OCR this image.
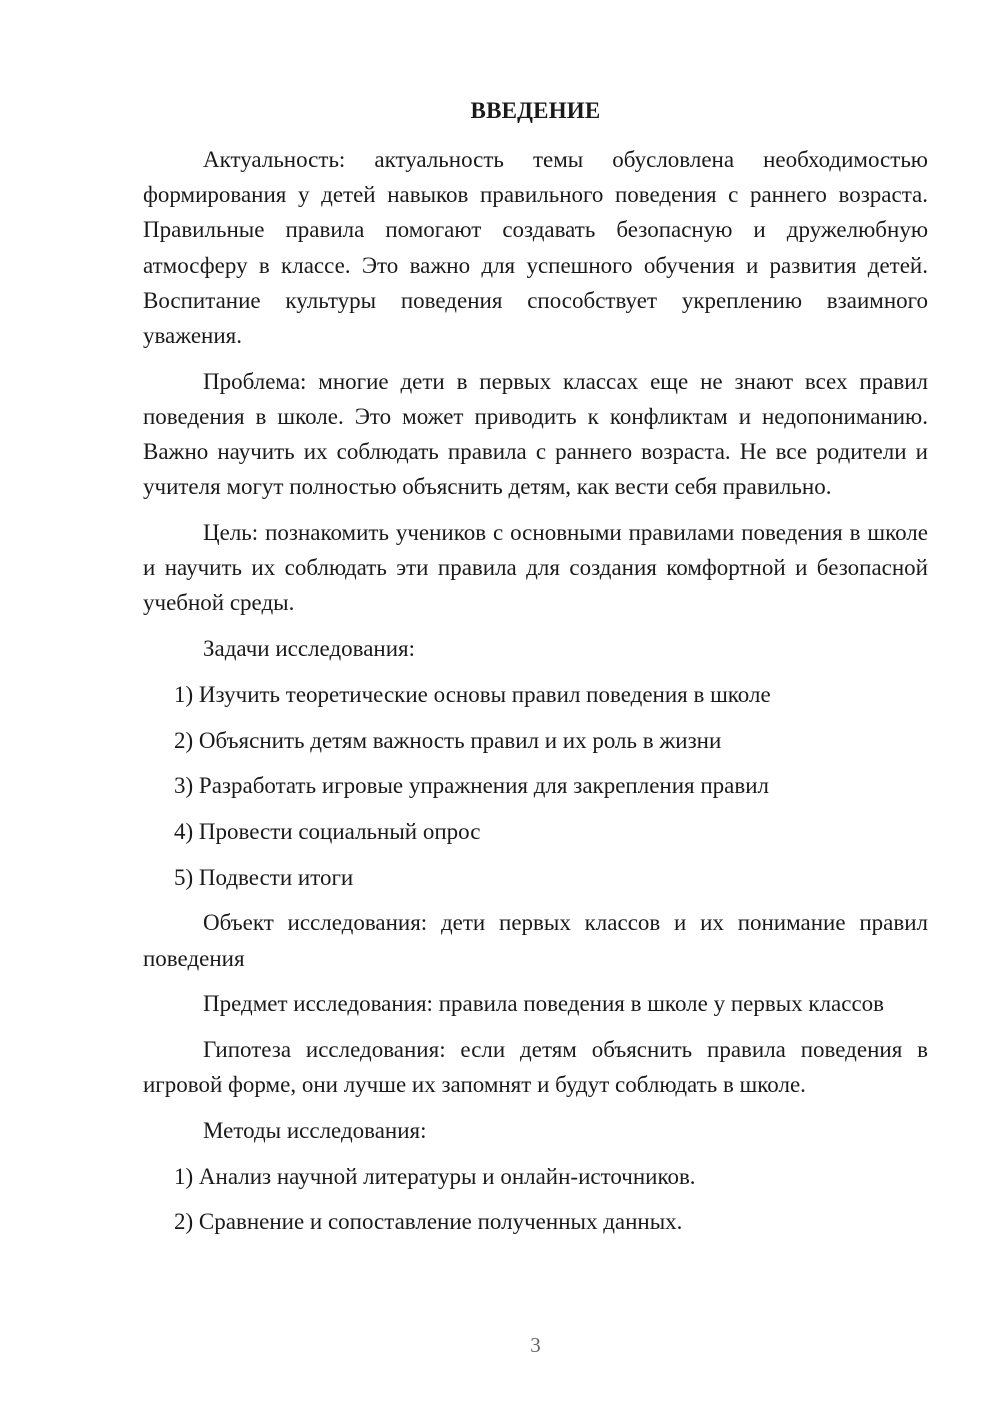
ВВЕДЕНИЕ

Актуальность: актуальность темы обусловлена необходимостью формирования у детей навыков правильного поведения с раннего возраста. Правильные правила помогают создавать безопасную и дружелюбную атмосферу в классе. Это важно для успешного обучения и развития детей. Воспитание культуры поведения способствует укреплению взаимного уважения.

Проблема: многие дети в первых классах еще не знают всех правил поведения в школе. Это может приводить к конфликтам и недопониманию. Важно научить их соблюдать правила с раннего возраста. Не все родители и учителя могут полностью объяснить детям, как вести себя правильно.

Цель: познакомить учеников с основными правилами поведения в школе и научить их соблюдать эти правила для создания комфортной и безопасной учебной среды.

Задачи исследования:

1) Изучить теоретические основы правил поведения в школе
2) Объяснить детям важность правил и их роль в жизни
3) Разработать игровые упражнения для закрепления правил
4) Провести социальный опрос
5) Подвести итоги

Объект исследования: дети первых классов и их понимание правил поведения

Предмет исследования: правила поведения в школе у первых классов

Гипотеза исследования: если детям объяснить правила поведения в игровой форме, они лучше их запомнят и будут соблюдать в школе.

Методы исследования:

1) Анализ научной литературы и онлайн-источников.
2) Сравнение и сопоставление полученных данных.
3
